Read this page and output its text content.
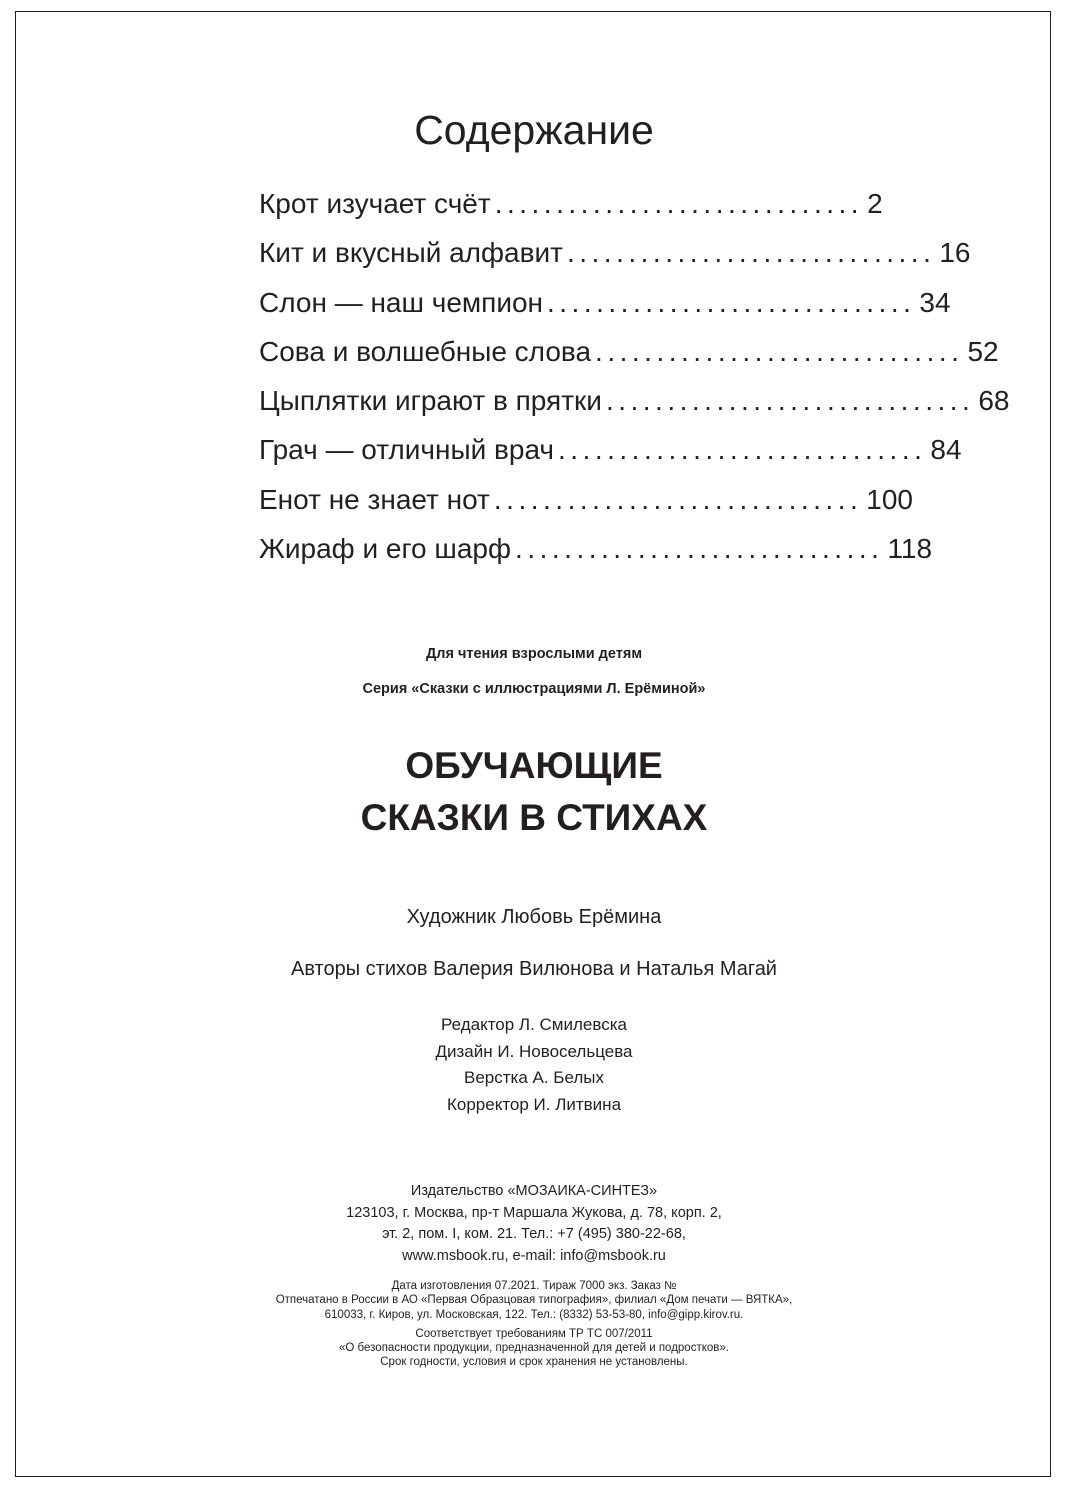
Содержание
Крот изучает счёт .............................. 2
Кит и вкусный алфавит .............................. 16
Слон — наш чемпион .............................. 34
Сова и волшебные слова .............................. 52
Цыплятки играют в прятки .............................. 68
Грач — отличный врач .............................. 84
Енот не знает нот .............................. 100
Жираф и его шарф .............................. 118
Для чтения взрослыми детям
Серия «Сказки с иллюстрациями Л. Ерёминой»
ОБУЧАЮЩИЕ
СКАЗКИ В СТИХАХ
Художник Любовь Ерёмина
Авторы стихов Валерия Вилюнова и Наталья Магай
Редактор Л. Смилевска
Дизайн И. Новосельцева
Верстка А. Белых
Корректор И. Литвина
Издательство «МОЗАИКА-СИНТЕЗ»
123103, г. Москва, пр-т Маршала Жукова, д. 78, корп. 2,
эт. 2, пом. I, ком. 21. Тел.: +7 (495) 380-22-68,
www.msbook.ru, e-mail: info@msbook.ru
Дата изготовления 07.2021. Тираж 7000 экз. Заказ №
Отпечатано в России в АО «Первая Образцовая типография», филиал «Дом печати — ВЯТКА»,
610033, г. Киров, ул. Московская, 122. Тел.: (8332) 53-53-80, info@gipp.kirov.ru.
Соответствует требованиям ТР ТС 007/2011
«О безопасности продукции, предназначенной для детей и подростков».
Срок годности, условия и срок хранения не установлены.
